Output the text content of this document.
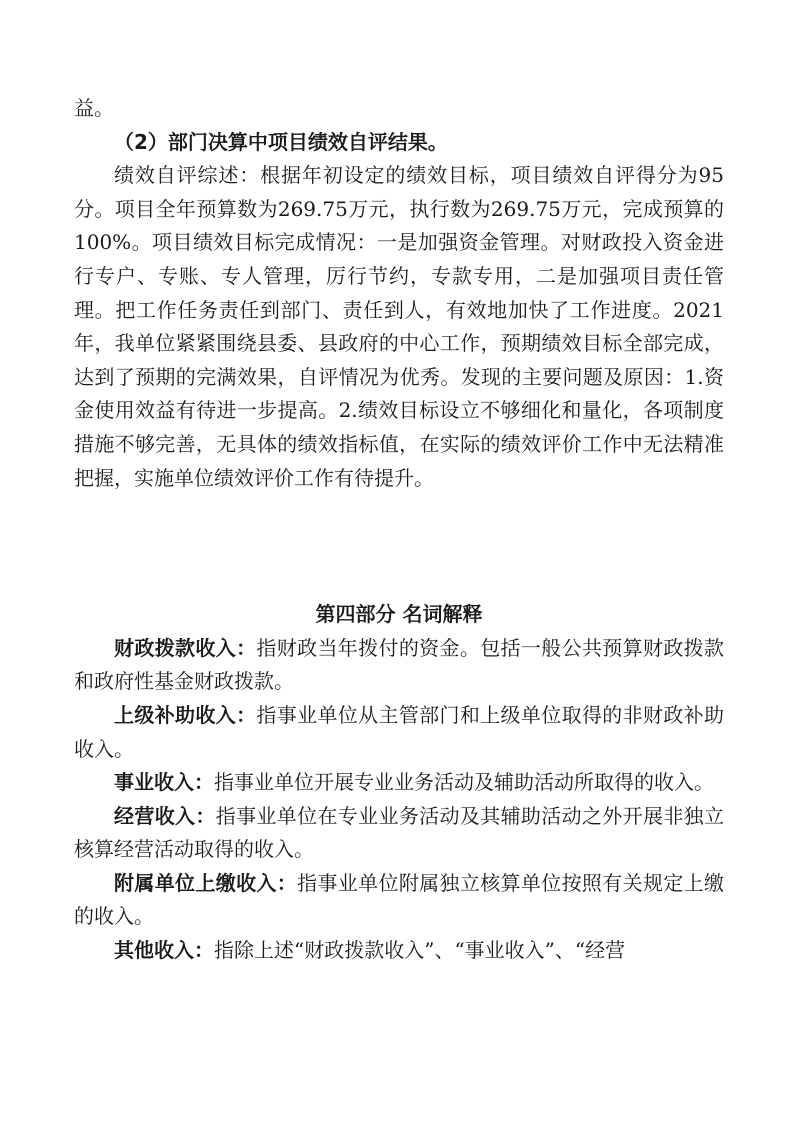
益。

（2）部门决算中项目绩效自评结果。

绩效自评综述：根据年初设定的绩效目标，项目绩效自评得分为95分。项目全年预算数为269.75万元，执行数为269.75万元，完成预算的100%。项目绩效目标完成情况：一是加强资金管理。对财政投入资金进行专户、专账、专人管理，厉行节约，专款专用，二是加强项目责任管理。把工作任务责任到部门、责任到人，有效地加快了工作进度。2021年，我单位紧紧围绕县委、县政府的中心工作，预期绩效目标全部完成，达到了预期的完满效果，自评情况为优秀。发现的主要问题及原因：1.资金使用效益有待进一步提高。2.绩效目标设立不够细化和量化，各项制度措施不够完善，无具体的绩效指标值，在实际的绩效评价工作中无法精准把握，实施单位绩效评价工作有待提升。

第四部分 名词解释

财政拨款收入：指财政当年拨付的资金。包括一般公共预算财政拨款和政府性基金财政拨款。

上级补助收入：指事业单位从主管部门和上级单位取得的非财政补助收入。

事业收入：指事业单位开展专业业务活动及辅助活动所取得的收入。

经营收入：指事业单位在专业业务活动及其辅助活动之外开展非独立核算经营活动取得的收入。

附属单位上缴收入：指事业单位附属独立核算单位按照有关规定上缴的收入。

其他收入：指除上述“财政拨款收入”、“事业收入”、“经营
